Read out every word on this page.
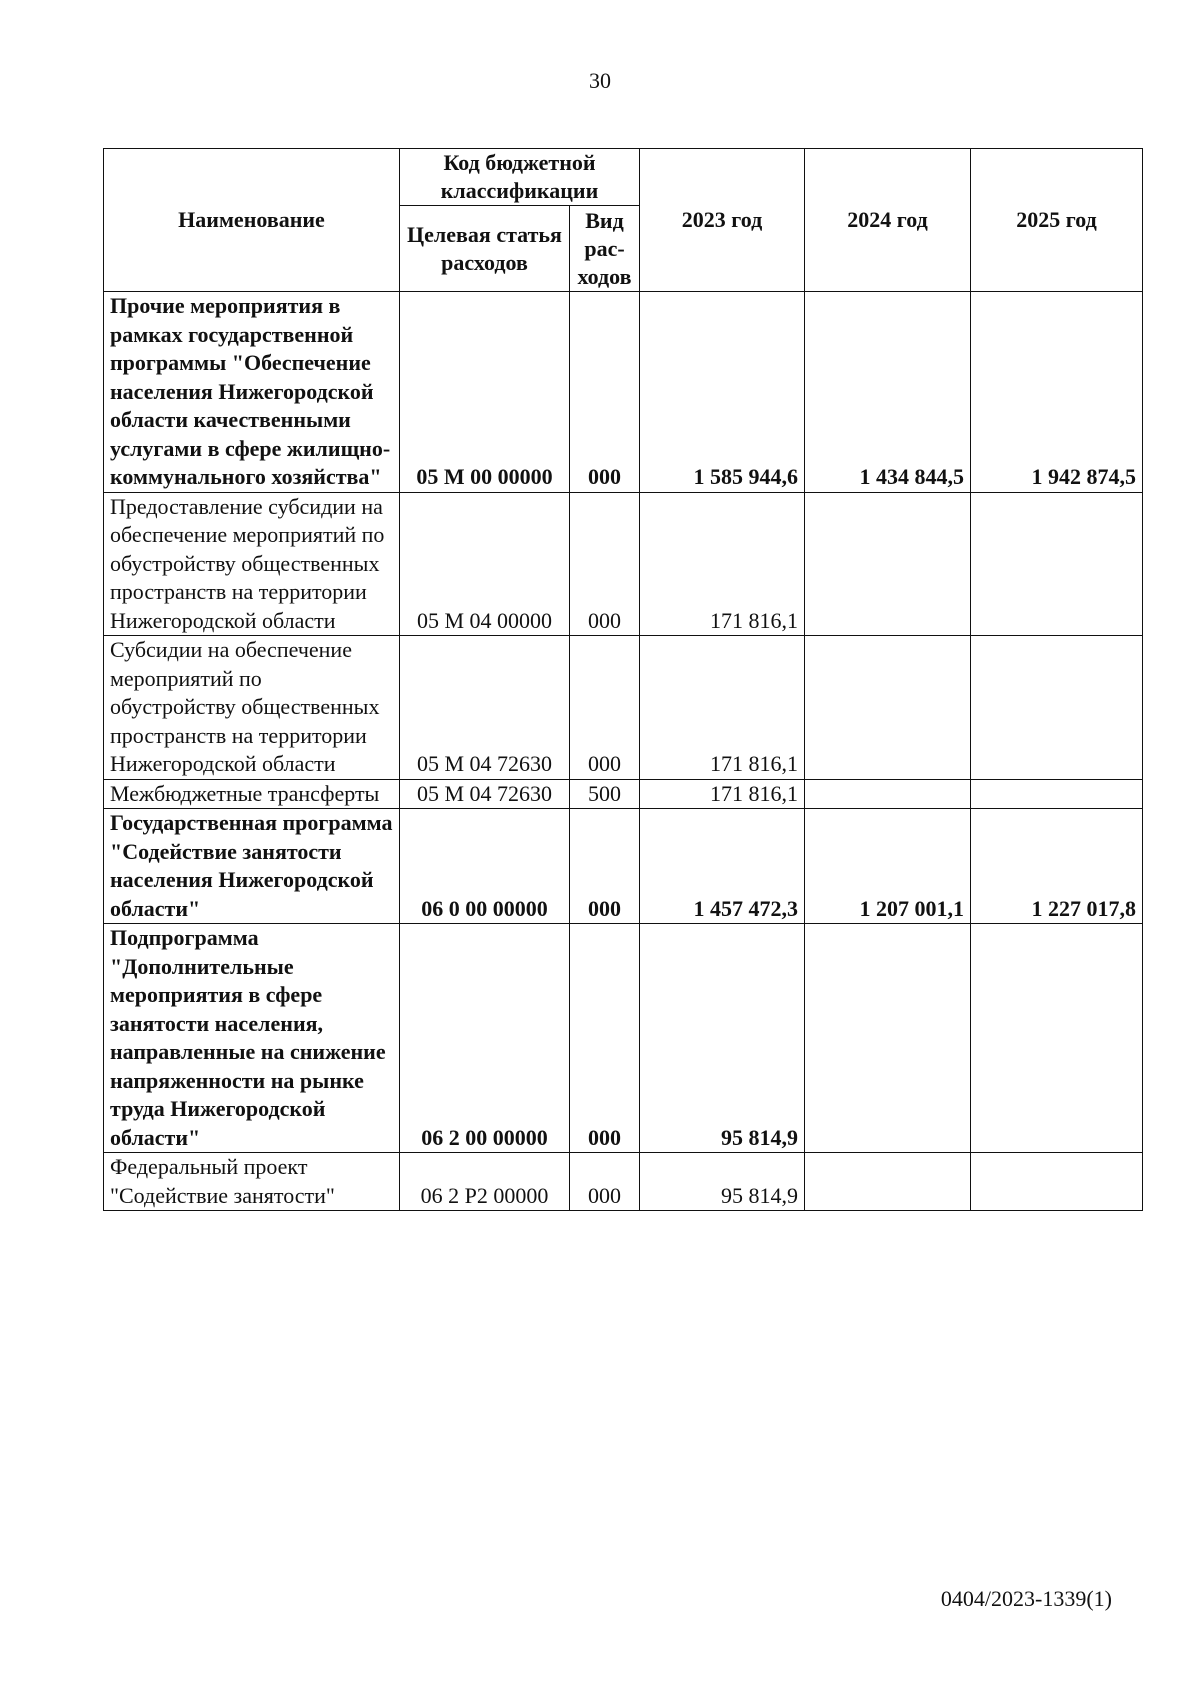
30
Наименование	Код бюджетной классификации		2023 год	2024 год	2025 год
	Целевая статья расходов	Вид рас-ходов			
Прочие мероприятия в рамках государственной программы "Обеспечение населения Нижегородской области качественными услугами в сфере жилищно-коммунального хозяйства"	05 М 00 00000	000	1 585 944,6	1 434 844,5	1 942 874,5
Предоставление субсидии на обеспечение мероприятий по обустройству общественных пространств на территории Нижегородской области	05 М 04 00000	000	171 816,1		
Субсидии на обеспечение мероприятий по обустройству общественных пространств на территории Нижегородской области	05 М 04 72630	000	171 816,1		
Межбюджетные трансферты	05 М 04 72630	500	171 816,1		
Государственная программа "Содействие занятости населения Нижегородской области"	06 0 00 00000	000	1 457 472,3	1 207 001,1	1 227 017,8
Подпрограмма "Дополнительные мероприятия в сфере занятости населения, направленные на снижение напряженности на рынке труда Нижегородской области"	06 2 00 00000	000	95 814,9		
Федеральный проект "Содействие занятости"	06 2 P2 00000	000	95 814,9		
0404/2023-1339(1)
